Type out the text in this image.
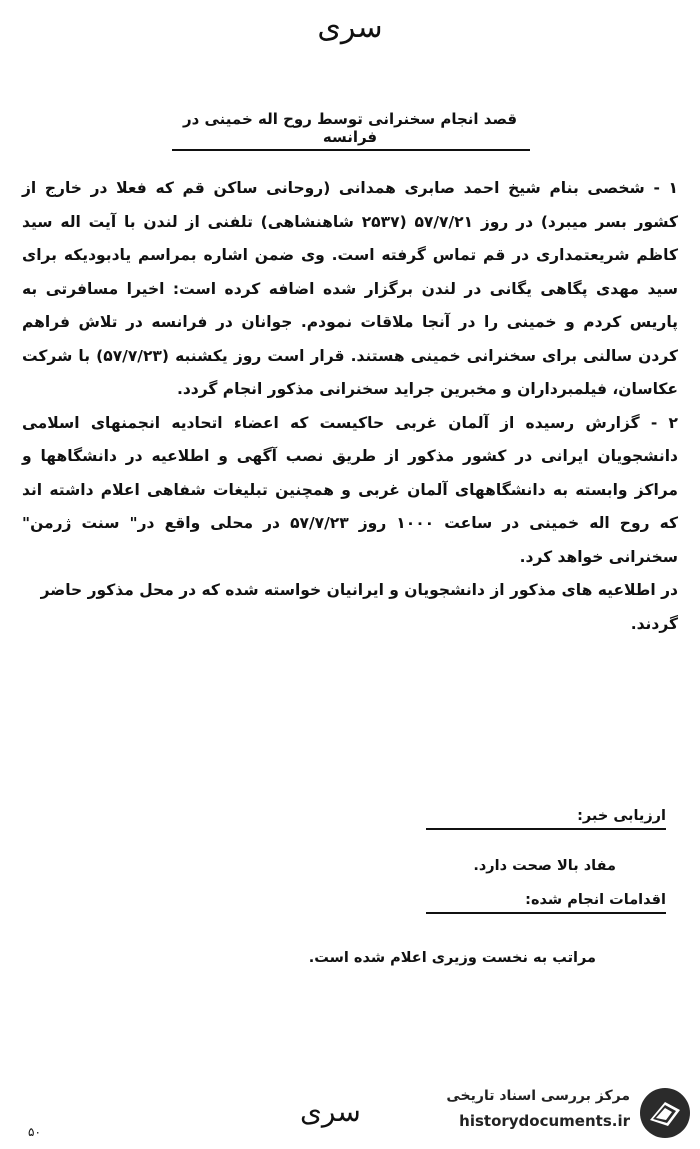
سری
قصد انجام سخنرانی توسط روح اله خمینی در فرانسه

۱ - شخصی بنام شیخ احمد صابری همدانی (روحانی ساکن قم که فعلا در خارج از کشور بسر میبرد) در روز ۵۷/۷/۲۱ (۲۵۳۷ شاهنشاهی) تلفنی از لندن با آیت اله سید کاظم شریعتمداری در قم تماس گرفته است. وی ضمن اشاره بمراسم یادبودیکه برای سید مهدی پگاهی یگانی در لندن برگزار شده اضافه کرده است: اخیرا مسافرتی به پاریس کردم و خمینی را در آنجا ملاقات نمودم. جوانان در فرانسه در تلاش فراهم کردن سالنی برای سخنرانی خمینی هستند. قرار است روز یکشنبه (۵۷/۷/۲۳) با شرکت عکاسان، فیلمبرداران و مخبرین جراید سخنرانی مذکور انجام گردد.

۲ - گزارش رسیده از آلمان غربی حاکیست که اعضاء اتحادیه انجمنهای اسلامی دانشجویان ایرانی در کشور مذکور از طریق نصب آگهی و اطلاعیه در دانشگاهها و مراکز وابسته به دانشگاههای آلمان غربی و همچنین تبلیغات شفاهی اعلام داشته اند که روح اله خمینی در ساعت ۱۰۰۰ روز ۵۷/۷/۲۳ در محلی واقع در" سنت ژرمن" سخنرانی خواهد کرد.

در اطلاعیه های مذکور از دانشجویان و ایرانیان خواسته شده که در محل مذکور حاضر گردند.

ارزیابی خبر:
مفاد بالا صحت دارد.
اقدامات انجام شده:
مراتب به نخست وزیری اعلام شده است.
سری
۵۰
مرکز بررسی اسناد تاریخی
historydocuments.ir
